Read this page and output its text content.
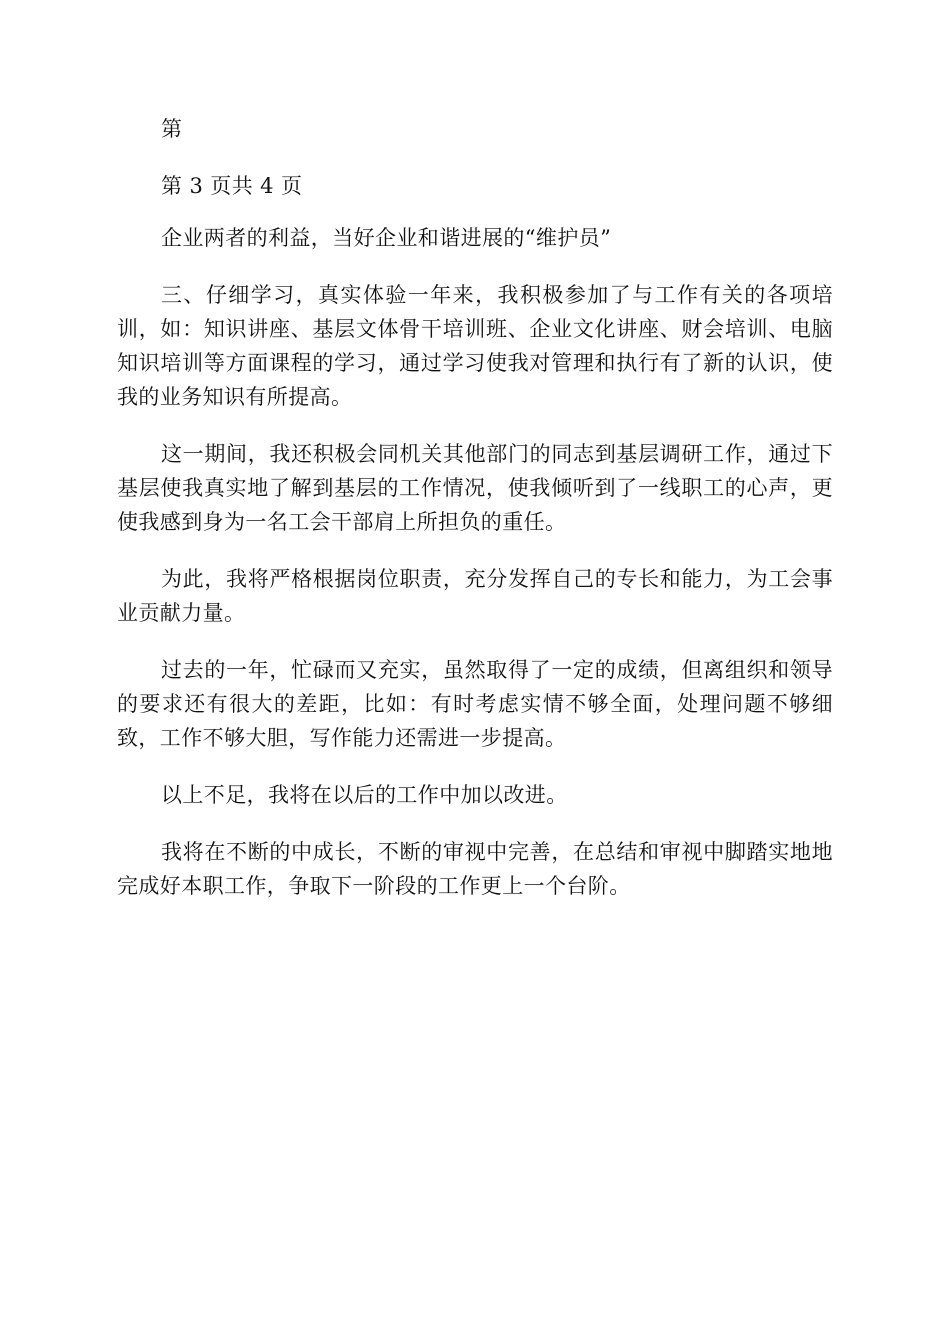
第

第 3 页共 4 页

企业两者的利益，当好企业和谐进展的“维护员”

三、仔细学习，真实体验一年来，我积极参加了与工作有关的各项培训，如：知识讲座、基层文体骨干培训班、企业文化讲座、财会培训、电脑知识培训等方面课程的学习，通过学习使我对管理和执行有了新的认识，使我的业务知识有所提高。

这一期间，我还积极会同机关其他部门的同志到基层调研工作，通过下基层使我真实地了解到基层的工作情况，使我倾听到了一线职工的心声，更使我感到身为一名工会干部肩上所担负的重任。

为此，我将严格根据岗位职责，充分发挥自己的专长和能力，为工会事业贡献力量。

过去的一年，忙碌而又充实，虽然取得了一定的成绩，但离组织和领导的要求还有很大的差距，比如：有时考虑实情不够全面，处理问题不够细致，工作不够大胆，写作能力还需进一步提高。

以上不足，我将在以后的工作中加以改进。

我将在不断的中成长，不断的审视中完善，在总结和审视中脚踏实地地完成好本职工作，争取下一阶段的工作更上一个台阶。
